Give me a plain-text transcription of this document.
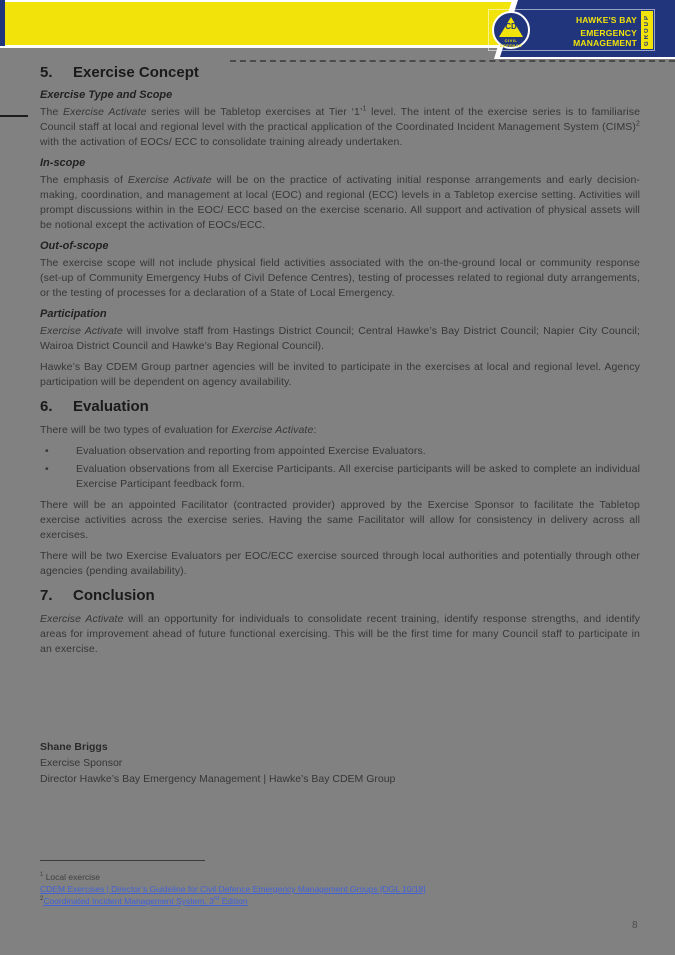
CD
CIVIL
DEFENCE
HAWKE'S BAY
EMERGENCY MANAGEMENT GROUP
5.	Exercise Concept
Exercise Type and Scope

The Exercise Activate series will be Tabletop exercises at Tier ‘1’$^1$ level. The intent of the exercise series is to familiarise Council staff at local and regional level with the practical application of the Coordinated Incident Management System (CIMS)$^2$ with the activation of EOCs/ ECC to consolidate training already undertaken.

In-scope

The emphasis of Exercise Activate will be on the practice of activating initial response arrangements and early decision-making, coordination, and management at local (EOC) and regional (ECC) levels in a Tabletop exercise setting. Activities will prompt discussions within in the EOC/ ECC based on the exercise scenario. All support and activation of physical assets will be notional except the activation of EOCs/ECC.

Out-of-scope

The exercise scope will not include physical field activities associated with the on-the-ground local or community response (set-up of Community Emergency Hubs of Civil Defence Centres), testing of processes related to regional duty arrangements, or the testing of processes for a declaration of a State of Local Emergency.

Participation

Exercise Activate will involve staff from Hastings District Council; Central Hawke’s Bay District Council; Napier City Council; Wairoa District Council and Hawke’s Bay Regional Council).

Hawke’s Bay CDEM Group partner agencies will be invited to participate in the exercises at local and regional level. Agency participation will be dependent on agency availability.

6.	Evaluation

There will be two types of evaluation for Exercise Activate:

•	Evaluation observation and reporting from appointed Exercise Evaluators.
•	Evaluation observations from all Exercise Participants. All exercise participants will be asked to complete an individual Exercise Participant feedback form.

There will be an appointed Facilitator (contracted provider) approved by the Exercise Sponsor to facilitate the Tabletop exercise activities across the exercise series. Having the same Facilitator will allow for consistency in delivery across all exercises.

There will be two Exercise Evaluators per EOC/ECC exercise sourced through local authorities and potentially through other agencies (pending availability).

7.	Conclusion

Exercise Activate will an opportunity for individuals to consolidate recent training, identify response strengths, and identify areas for improvement ahead of future functional exercising. This will be the first time for many Council staff to participate in an exercise.

Shane Briggs
Exercise Sponsor
Director Hawke’s Bay Emergency Management | Hawke’s Bay CDEM Group
$^1$ Local exercise
CDEM Exercises | Director’s Guideline for Civil Defence Emergency Management Groups [DGL 10/18]
$^2$Coordinated Incident Management System, 3rd Edition
8
